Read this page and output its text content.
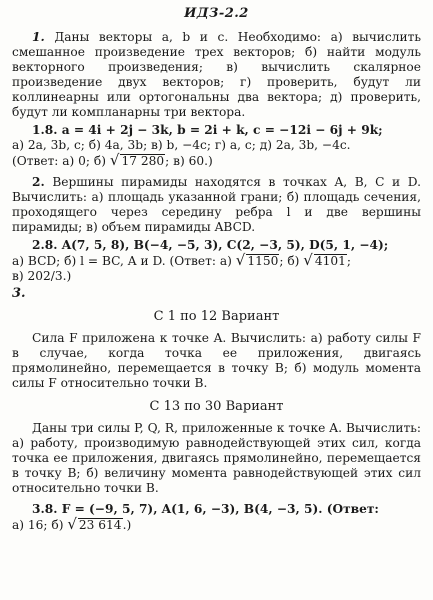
ИДЗ-2.2

1. Даны векторы a, b и c. Необходимо: а) вычислить смешанное произведение трех векторов; б) найти модуль векторного произведения; в) вычислить скалярное произведение двух векторов; г) проверить, будут ли коллинеарны или ортогональны два вектора; д) проверить, будут ли компланарны три вектора.

1.8. a = 4i + 2j − 3k, b = 2i + k, c = −12i − 6j + 9k;

а) 2a, 3b, c; б) 4a, 3b; в) b, −4c; г) a, c; д) 2a, 3b, −4c.

(Ответ: а) 0; б) √ 17 280; в) 60.)

2. Вершины пирамиды находятся в точках A, B, C и D. Вычислить: а) площадь указанной грани; б) площадь сечения, проходящего через середину ребра l и две вершины пирамиды; в) объем пирамиды ABCD.

2.8. A(7, 5, 8), B(−4, −5, 3), C(2, −3, 5), D(5, 1, −4);

а) BCD; б) l = BC, A и D. (Ответ: а) √ 1150; б) √ 4101;

в) 202/3.)

3.
С 1 по 12 Вариант

Сила F приложена к точке A. Вычислить: а) работу силы F в случае, когда точка ее приложения, двигаясь прямолинейно, перемещается в точку B; б) модуль момента силы F относительно точки B.

С 13 по 30 Вариант

Даны три силы P, Q, R, приложенные к точке A. Вычислить: а) работу, производимую равнодействующей этих сил, когда точка ее приложения, двигаясь прямолинейно, перемещается в точку B; б) величину момента равнодействующей этих сил относительно точки B.

3.8. F = (−9, 5, 7), A(1, 6, −3), B(4, −3, 5). (Ответ:

а) 16; б) √ 23 614.)
